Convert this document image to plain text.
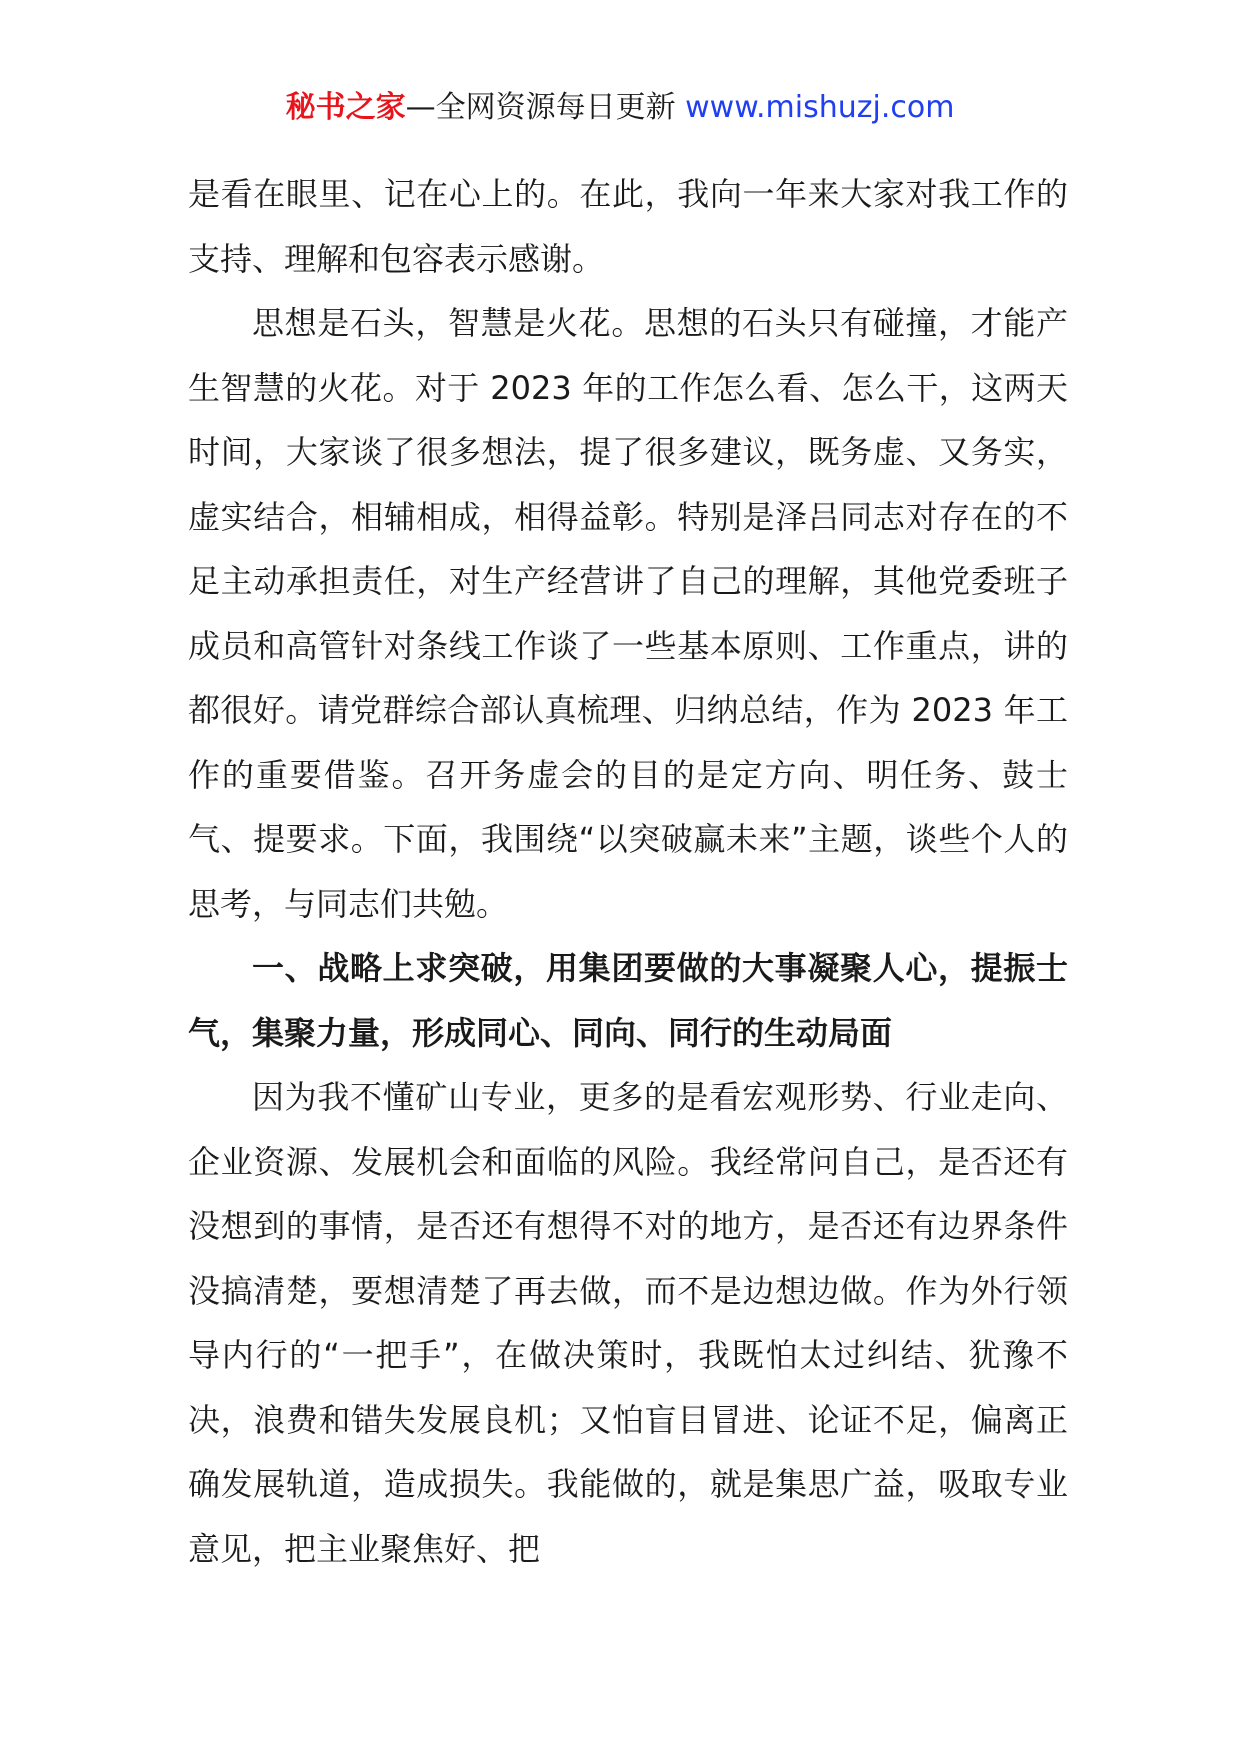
秘书之家—全网资源每日更新 www.mishuzj.com

是看在眼里、记在心上的。在此，我向一年来大家对我工作的支持、理解和包容表示感谢。

思想是石头，智慧是火花。思想的石头只有碰撞，才能产生智慧的火花。对于 2023 年的工作怎么看、怎么干，这两天时间，大家谈了很多想法，提了很多建议，既务虚、又务实，虚实结合，相辅相成，相得益彰。特别是泽吕同志对存在的不足主动承担责任，对生产经营讲了自己的理解，其他党委班子成员和高管针对条线工作谈了一些基本原则、工作重点，讲的都很好。请党群综合部认真梳理、归纳总结，作为 2023 年工作的重要借鉴。召开务虚会的目的是定方向、明任务、鼓士气、提要求。下面，我围绕“以突破赢未来”主题，谈些个人的思考，与同志们共勉。

一、战略上求突破，用集团要做的大事凝聚人心，提振士气，集聚力量，形成同心、同向、同行的生动局面

因为我不懂矿山专业，更多的是看宏观形势、行业走向、企业资源、发展机会和面临的风险。我经常问自己，是否还有没想到的事情，是否还有想得不对的地方，是否还有边界条件没搞清楚，要想清楚了再去做，而不是边想边做。作为外行领导内行的“一把手”，在做决策时，我既怕太过纠结、犹豫不决，浪费和错失发展良机；又怕盲目冒进、论证不足，偏离正确发展轨道，造成损失。我能做的，就是集思广益，吸取专业意见，把主业聚焦好、把
